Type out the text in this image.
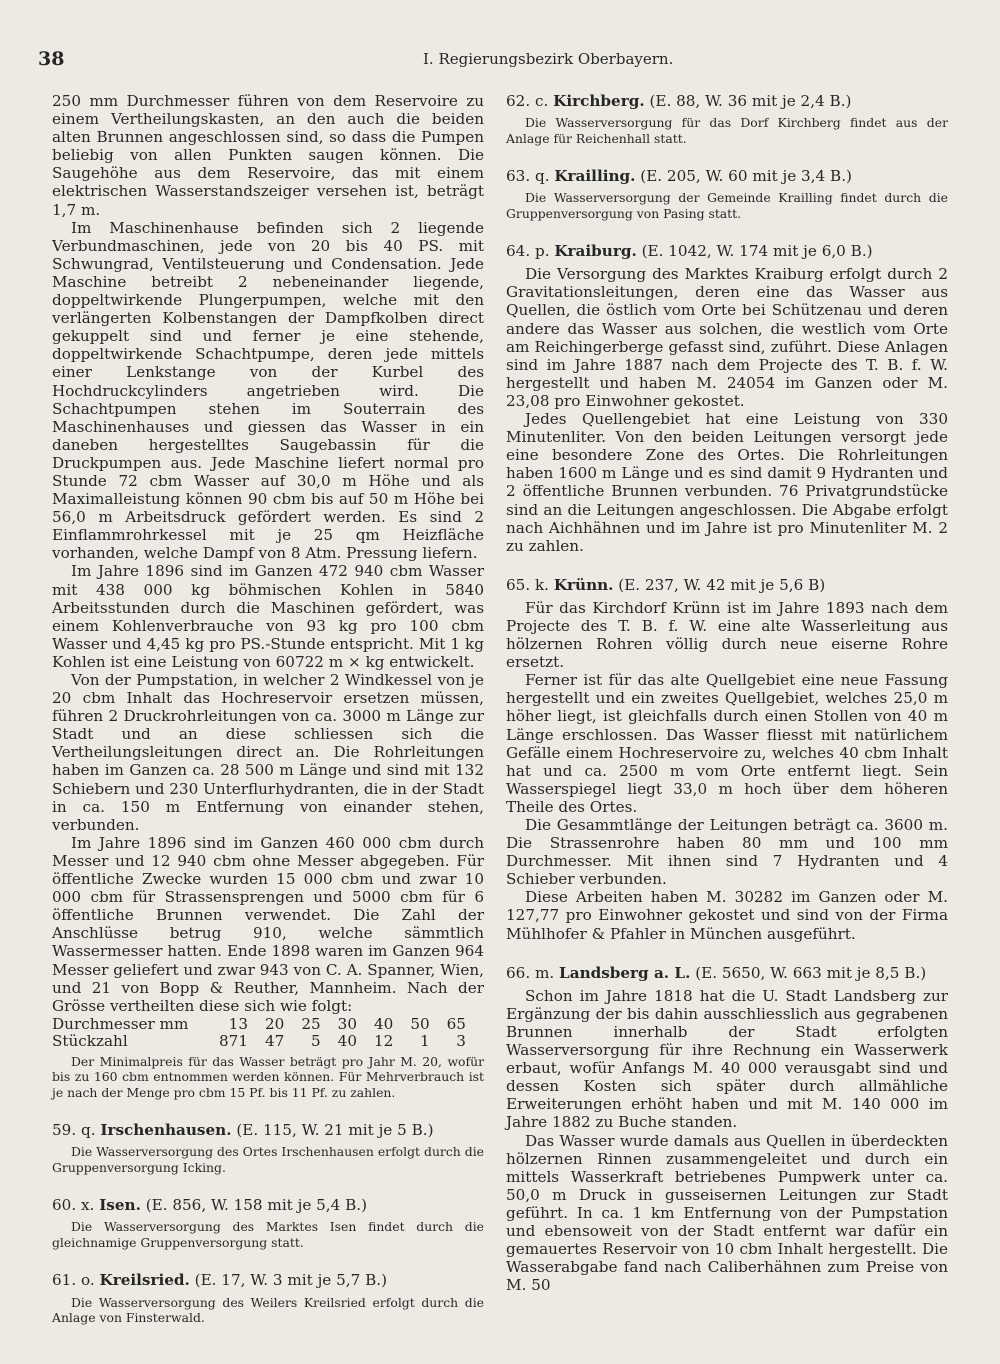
38	I. Regierungsbezirk Oberbayern.

250 mm Durchmesser führen von dem Reservoire zu einem Vertheilungskasten, an den auch die beiden alten Brunnen angeschlossen sind, so dass die Pumpen beliebig von allen Punkten saugen können. Die Saugehöhe aus dem Reservoire, das mit einem elektrischen Wasserstandszeiger versehen ist, beträgt 1,7 m.

Im Maschinenhause befinden sich 2 liegende Verbundmaschinen, jede von 20 bis 40 PS. mit Schwungrad, Ventilsteuerung und Condensation. Jede Maschine betreibt 2 nebeneinander liegende, doppeltwirkende Plungerpumpen, welche mit den verlängerten Kolbenstangen der Dampfkolben direct gekuppelt sind und ferner je eine stehende, doppeltwirkende Schachtpumpe, deren jede mittels einer Lenkstange von der Kurbel des Hochdruckcylinders angetrieben wird. Die Schachtpumpen stehen im Souterrain des Maschinenhauses und giessen das Wasser in ein daneben hergestelltes Saugebassin für die Druckpumpen aus. Jede Maschine liefert normal pro Stunde 72 cbm Wasser auf 30,0 m Höhe und als Maximalleistung können 90 cbm bis auf 50 m Höhe bei 56,0 m Arbeitsdruck gefördert werden. Es sind 2 Einflammrohrkessel mit je 25 qm Heizfläche vorhanden, welche Dampf von 8 Atm. Pressung liefern.

Im Jahre 1896 sind im Ganzen 472 940 cbm Wasser mit 438 000 kg böhmischen Kohlen in 5840 Arbeitsstunden durch die Maschinen gefördert, was einem Kohlenverbrauche von 93 kg pro 100 cbm Wasser und 4,45 kg pro PS.-Stunde entspricht. Mit 1 kg Kohlen ist eine Leistung von 60722 m × kg entwickelt.

Von der Pumpstation, in welcher 2 Windkessel von je 20 cbm Inhalt das Hochreservoir ersetzen müssen, führen 2 Druckrohrleitungen von ca. 3000 m Länge zur Stadt und an diese schliessen sich die Vertheilungsleitungen direct an. Die Rohrleitungen haben im Ganzen ca. 28 500 m Länge und sind mit 132 Schiebern und 230 Unterflurhydranten, die in der Stadt in ca. 150 m Entfernung von einander stehen, verbunden.

Im Jahre 1896 sind im Ganzen 460 000 cbm durch Messer und 12 940 cbm ohne Messer abgegeben. Für öffentliche Zwecke wurden 15 000 cbm und zwar 10 000 cbm für Strassensprengen und 5000 cbm für 6 öffentliche Brunnen verwendet. Die Zahl der Anschlüsse betrug 910, welche sämmtlich Wassermesser hatten. Ende 1898 waren im Ganzen 964 Messer geliefert und zwar 943 von C. A. Spanner, Wien, und 21 von Bopp & Reuther, Mannheim. Nach der Grösse vertheilten diese sich wie folgt:

Durchmesser mm	13	20	25	30	40	50	65
Stückzahl	871	47	5	40	12	1	3

Der Minimalpreis für das Wasser beträgt pro Jahr M. 20, wofür bis zu 160 cbm entnommen werden können. Für Mehrverbrauch ist je nach der Menge pro cbm 15 Pf. bis 11 Pf. zu zahlen.

59. q. Irschenhausen. (E. 115, W. 21 mit je 5 B.)

Die Wasserversorgung des Ortes Irschenhausen erfolgt durch die Gruppenversorgung Icking.

60. x. Isen. (E. 856, W. 158 mit je 5,4 B.)

Die Wasserversorgung des Marktes Isen findet durch die gleichnamige Gruppenversorgung statt.

61. o. Kreilsried. (E. 17, W. 3 mit je 5,7 B.)

Die Wasserversorgung des Weilers Kreilsried erfolgt durch die Anlage von Finsterwald.

62. c. Kirchberg. (E. 88, W. 36 mit je 2,4 B.)

Die Wasserversorgung für das Dorf Kirchberg findet aus der Anlage für Reichenhall statt.

63. q. Krailling. (E. 205, W. 60 mit je 3,4 B.)

Die Wasserversorgung der Gemeinde Krailling findet durch die Gruppenversorgung von Pasing statt.

64. p. Kraiburg. (E. 1042, W. 174 mit je 6,0 B.)

Die Versorgung des Marktes Kraiburg erfolgt durch 2 Gravitationsleitungen, deren eine das Wasser aus Quellen, die östlich vom Orte bei Schützenau und deren andere das Wasser aus solchen, die westlich vom Orte am Reichingerberge gefasst sind, zuführt. Diese Anlagen sind im Jahre 1887 nach dem Projecte des T. B. f. W. hergestellt und haben M. 24054 im Ganzen oder M. 23,08 pro Einwohner gekostet.

Jedes Quellengebiet hat eine Leistung von 330 Minutenliter. Von den beiden Leitungen versorgt jede eine besondere Zone des Ortes. Die Rohrleitungen haben 1600 m Länge und es sind damit 9 Hydranten und 2 öffentliche Brunnen verbunden. 76 Privatgrundstücke sind an die Leitungen angeschlossen. Die Abgabe erfolgt nach Aichhähnen und im Jahre ist pro Minutenliter M. 2 zu zahlen.

65. k. Krünn. (E. 237, W. 42 mit je 5,6 B)

Für das Kirchdorf Krünn ist im Jahre 1893 nach dem Projecte des T. B. f. W. eine alte Wasserleitung aus hölzernen Rohren völlig durch neue eiserne Rohre ersetzt.

Ferner ist für das alte Quellgebiet eine neue Fassung hergestellt und ein zweites Quellgebiet, welches 25,0 m höher liegt, ist gleichfalls durch einen Stollen von 40 m Länge erschlossen. Das Wasser fliesst mit natürlichem Gefälle einem Hochreservoire zu, welches 40 cbm Inhalt hat und ca. 2500 m vom Orte entfernt liegt. Sein Wasserspiegel liegt 33,0 m hoch über dem höheren Theile des Ortes.

Die Gesammtlänge der Leitungen beträgt ca. 3600 m. Die Strassenrohre haben 80 mm und 100 mm Durchmesser. Mit ihnen sind 7 Hydranten und 4 Schieber verbunden.

Diese Arbeiten haben M. 30282 im Ganzen oder M. 127,77 pro Einwohner gekostet und sind von der Firma Mühlhofer & Pfahler in München ausgeführt.

66. m. Landsberg a. L. (E. 5650, W. 663 mit je 8,5 B.)

Schon im Jahre 1818 hat die U. Stadt Landsberg zur Ergänzung der bis dahin ausschliesslich aus gegrabenen Brunnen innerhalb der Stadt erfolgten Wasserversorgung für ihre Rechnung ein Wasserwerk erbaut, wofür Anfangs M. 40 000 verausgabt sind und dessen Kosten sich später durch allmähliche Erweiterungen erhöht haben und mit M. 140 000 im Jahre 1882 zu Buche standen.

Das Wasser wurde damals aus Quellen in überdeckten hölzernen Rinnen zusammengeleitet und durch ein mittels Wasserkraft betriebenes Pumpwerk unter ca. 50,0 m Druck in gusseisernen Leitungen zur Stadt geführt. In ca. 1 km Entfernung von der Pumpstation und ebensoweit von der Stadt entfernt war dafür ein gemauertes Reservoir von 10 cbm Inhalt hergestellt. Die Wasserabgabe fand nach Caliberhähnen zum Preise von M. 50
